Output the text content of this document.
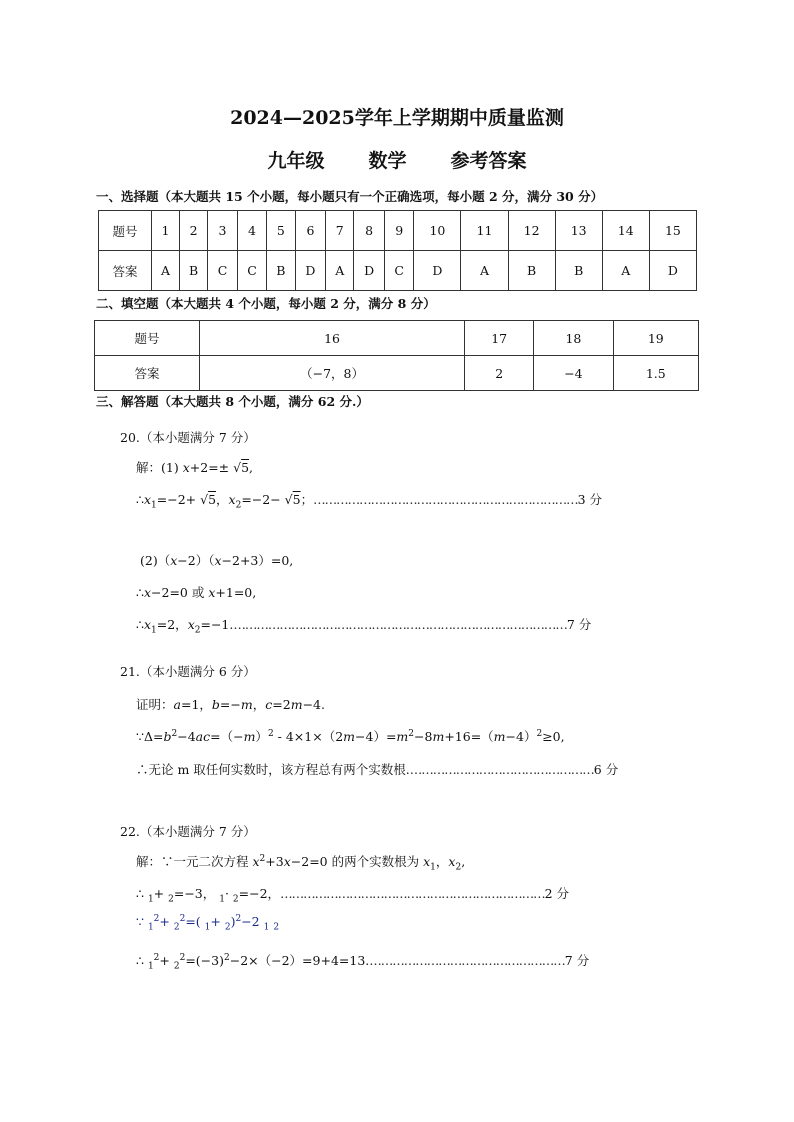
2024—2025学年上学期期中质量监测
九年级 数学 参考答案
一、选择题（本大题共 15 个小题，每小题只有一个正确选项，每小题 2 分，满分 30 分）
题号	1	2	3	4	5	6	7	8	9	10	11	12	13	14	15
答案	A	B	C	C	B	D	A	D	C	D	A	B	B	A	D
二、填空题（本大题共 4 个小题，每小题 2 分，满分 8 分）
题号	16	17	18	19
答案	（−7，8）	2	−4	1.5
三、解答题（本大题共 8 个小题，满分 62 分.）
20.（本小题满分 7 分）
解：(1) x+2=± √5,
$\therefore x_1=-2+ √5$，$x_2=-2- √5$；……………………………………………………………3 分
(2)（x−2）（x−2+3）=0,
∴x−2=0 或 x+1=0,
$\therefore x_1=2$，$x_2=-1.\dots\dots\dots\dots\dots\dots\dots\dots\dots\dots\dots\dots\dots\dots\dots\dots\dots\dots\dots\dots\dots\dots\dots\dots\dots\dots\dots\dots\dots 7$ 分
21.（本小题满分 6 分）
证明：a=1，b=−m，c=2m−4.
$\because\Delta=b^2-4ac=(-m)^2 - 4\times 1\times(2m-4)=m^2-8m+16=(m-4)^2\ge 0$,
∴无论 m 取任何实数时，该方程总有两个实数根.…………………………………………6 分
22.（本小题满分 7 分）
解：∵一元二次方程 $x^2+3x-2=0$ 的两个实数根为 $x_1$，$x_2$,
∴ $_1$+ $_2$=−3， $_1$· $_2$=−2，……………………………………………………………2 分
∵ $_1^2$+ $_2^2$=( $_1$+ $_2$)$^2$−2 $_1$ $_2$
∴ $_1^2+ _2^2=(-3)^2-2\times(-2)=9+4=13.\dots\dots\dots\dots\dots\dots\dots\dots\dots\dots\dots\dots\dots\dots\dots\dots\dots 7$ 分
